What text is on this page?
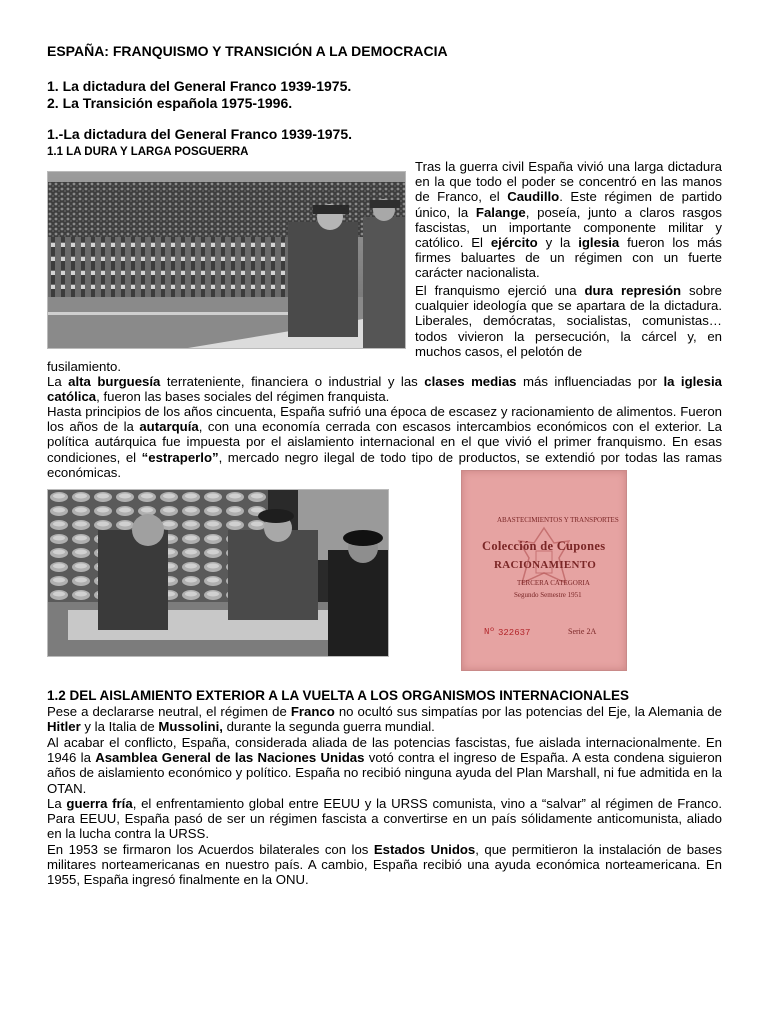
ESPAÑA: FRANQUISMO Y TRANSICIÓN A LA DEMOCRACIA
1. La dictadura del General Franco 1939-1975.
2. La Transición española 1975-1996.
1.-La dictadura del General Franco 1939-1975.
1.1 LA DURA Y LARGA POSGUERRA

Tras la guerra civil España vivió una larga dictadura en la que todo el poder se concentró en las manos de Franco, el Caudillo. Este régimen de partido único, la Falange, poseía, junto a claros rasgos fascistas, un importante componente militar y católico. El ejército y la iglesia fueron los más firmes baluartes de un régimen con un fuerte carácter nacionalista.

El franquismo ejerció una dura represión sobre cualquier ideología que se apartara de la dictadura. Liberales, demócratas, socialistas, comunistas… todos vivieron la persecución, la cárcel y, en muchos casos, el pelotón de

fusilamiento.

La alta burguesía terrateniente, financiera o industrial y las clases medias más influenciadas por la iglesia católica, fueron las bases sociales del régimen franquista.

Hasta principios de los años cincuenta, España sufrió una época de escasez y racionamiento de alimentos. Fueron los años de la autarquía, con una economía cerrada con escasos intercambios económicos con el exterior. La política autárquica fue impuesta por el aislamiento internacional en el que vivió el primer franquismo. En esas condiciones, el “estraperlo”, mercado negro ilegal de todo tipo de productos, se extendió por todas las ramas económicas.

ABASTECIMIENTOS Y TRANSPORTES
Colección de Cupones
RACIONAMIENTO
TERCERA CATEGORIA
Segundo Semestre 1951
Nº 322637	Serie 2A
1.2 DEL AISLAMIENTO EXTERIOR A LA VUELTA A LOS ORGANISMOS INTERNACIONALES

Pese a declararse neutral, el régimen de Franco no ocultó sus simpatías por las potencias del Eje, la Alemania de Hitler y la Italia de Mussolini, durante la segunda guerra mundial.

Al acabar el conflicto, España, considerada aliada de las potencias fascistas, fue aislada internacionalmente. En 1946 la Asamblea General de las Naciones Unidas votó contra el ingreso de España. A esta condena siguieron años de aislamiento económico y político. España no recibió ninguna ayuda del Plan Marshall, ni fue admitida en la OTAN.

La guerra fría, el enfrentamiento global entre EEUU y la URSS comunista, vino a “salvar” al régimen de Franco. Para EEUU, España pasó de ser un régimen fascista a convertirse en un país sólidamente anticomunista, aliado en la lucha contra la URSS.

En 1953 se firmaron los Acuerdos bilaterales con los Estados Unidos, que permitieron la instalación de bases militares norteamericanas en nuestro país. A cambio, España recibió una ayuda económica norteamericana. En 1955, España ingresó finalmente en la ONU.
